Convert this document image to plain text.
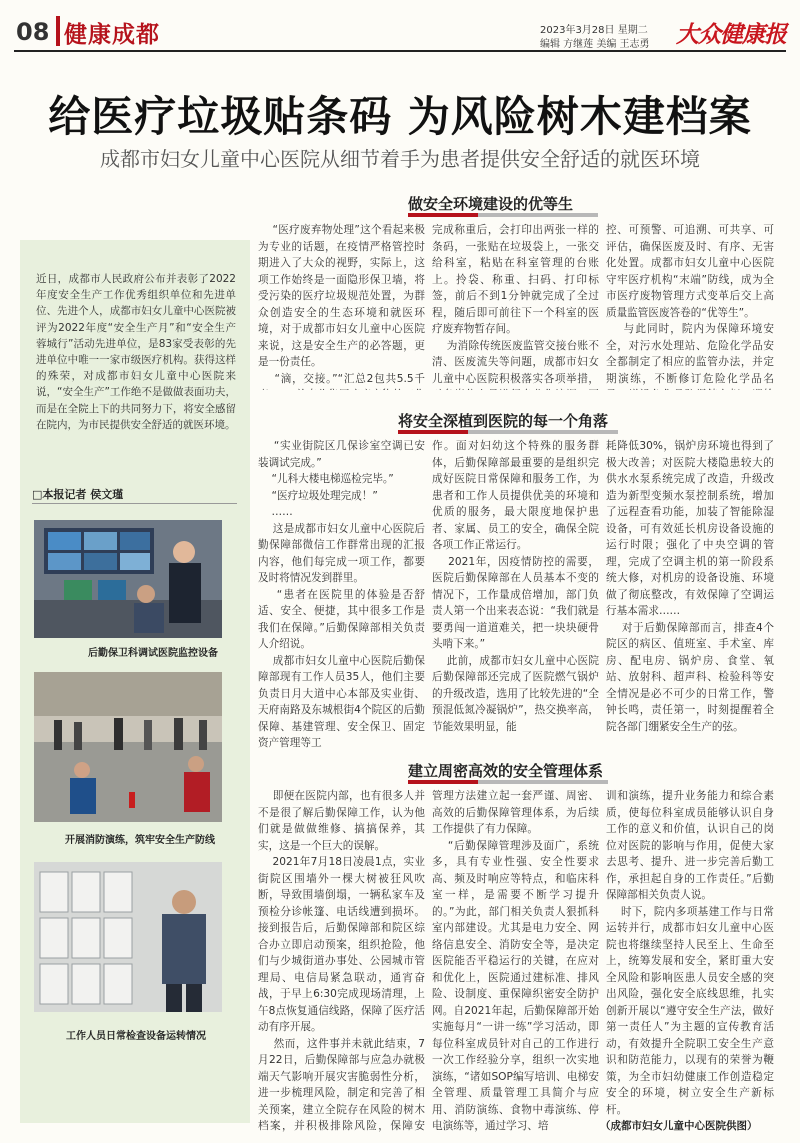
08 健康成都	2023年3月28日 星期二
编辑 方继莲 美编 王志勇 大众健康报
给医疗垃圾贴条码 为风险树木建档案
成都市妇女儿童中心医院从细节着手为患者提供安全舒适的就医环境
近日，成都市人民政府公布并表彰了2022年度安全生产工作优秀组织单位和先进单位、先进个人，成都市妇女儿童中心医院被评为2022年度“安全生产月”和“安全生产蓉城行”活动先进单位，是83家受表彰的先进单位中唯一一家市级医疗机构。获得这样的殊荣，对成都市妇女儿童中心医院来说，“安全生产”工作绝不是做做表面功夫，而是在全院上下的共同努力下，将安全感留在院内，为市民提供安全舒适的就医环境。
□本报记者 侯文瑾
后勤保卫科调试医院监控设备
开展消防演练，筑牢安全生产防线
工作人员日常检查设备运转情况
做安全环境建设的优等生
“医疗废弃物处理”这个看起来极为专业的话题，在疫情严格管控时期进入了大众的视野，实际上，这项工作始终是一面隐形保卫墙，将受污染的医疗垃圾规范处置，为群众创造安全的生态环境和就医环境，对于成都市妇女儿童中心医院来说，这是安全生产的必答题，更是一份责任。
“滴，交接。”“汇总2包共5.5千
完成称重后，会打印出两张一样的条码，一张贴在垃圾袋上，一张交给科室，粘贴在科室管理的台账上。拎袋、称重、扫码、打印标签，前后不到1分钟就完成了全过程，随后即可前往下一个科室的医疗废弃物暂存间。
为消除传统医废监管交接台账不清、医废流失等问题，成都市妇女儿童中心医院积极落实各项举措，
控、可预警、可追溯、可共享、可评估，确保医废及时、有序、无害化处置。成都市妇女儿童中心医院守牢医疗机构“末端”防线，成为全市医疗废物管理方式变革后交上高质量监管医废答卷的“优等生”。
与此同时，院内为保障环境安全，对污水处理站、危险化学品安全都制定了相应的监管办法，并定期演练，不断修订危险化学品名
将安全深植到医院的每一个角落
“实业街院区几保诊室空调已安装调试完成。”
“儿科大楼电梯巡检完毕。”
“医疗垃圾处理完成！”
……
这是成都市妇女儿童中心医院后勤保障部微信工作群常出现的汇报内容，他们每完成一项工作，都要及时将情况发到群里。
“患者在医院里的体验是否舒适、安全、便捷，其中很多工作是我们在保障。”后勤保障部相关负责人介绍说。
成都市妇女儿童中心医院后勤保障部现有工作人员35人，他们主要负责日月大道中心本部及实业街、天府南路及东城根街4个院区的后勤保障、基建管理、安全保卫、固定资产管理等工
作。面对妇幼这个特殊的服务群体，后勤保障部最重要的是组织完成好医院日常保障和服务工作，为患者和工作人员提供优美的环境和优质的服务，最大限度地保护患者、家属、员工的安全，确保全院各项工作正常运行。
2021年，因疫情防控的需要，医院后勤保障部在人员基本不变的情况下，工作量成倍增加，部门负责人第一个出来表态说：“我们就是要勇闯一道道难关，把一块块硬骨头啃下来。”
此前，成都市妇女儿童中心医院后勤保障部还完成了医院燃气锅炉的升级改造，选用了比较先进的“全预混低氮冷凝锅炉”，热交换率高，节能效果明显，能
耗降低30%，锅炉房环境也得到了极大改善；对医院大楼隐患较大的供水水泵系统完成了改造，升级改造为新型变频水泵控制系统，增加了远程查看功能，加装了智能除湿设备，可有效延长机房设备设施的运行时限；强化了中央空调的管理，完成了空调主机的第一阶段系统大修，对机房的设备设施、环境做了彻底整改，有效保障了空调运行基本需求……
对于后勤保障部而言，排查4个院区的病区、值班室、手术室、库房、配电房、锅炉房、食堂、氧站、放射科、超声科、检验科等安全情况是必不可少的日常工作，警钟长鸣，责任第一，时刻提醒着全院各部门绷紧安全生产的弦。
建立周密高效的安全管理体系
即便在医院内部，也有很多人并不是很了解后勤保障工作，认为他们就是做做维修、搞搞保养，其实，这是一个巨大的误解。
2021年7月18日凌晨1点，实业街院区围墙外一棵大树被狂风吹断，导致围墙倒塌，一辆私家车及预检分诊帐篷、电话线遭到损坏。接到报告后，后勤保障部和院区综合办立即启动预案，组织抢险，他们与少城街道办事处、公园城市管理局、电信局紧急联动，通宵奋战，于早上6:30完成现场清理，上午8点恢复通信线路，保障了医疗活动有序开展。
然而，这件事并未就此结束，7月22日，后勤保障部与应急办就极端天气影响开展灾害脆弱性分析，进一步梳理风险，制定和完善了相关预案，建立全院存在风险的树木档案，并积极排除风险，保障安
管理方法建立起一套严谨、周密、高效的后勤保障管理体系，为后续工作提供了有力保障。
“后勤保障管理涉及面广，系统多，具有专业性强、安全性要求高、频及时响应等特点，和临床科室一样，是需要不断学习提升的。”为此，部门相关负责人狠抓科室内部建设。尤其是电力安全、网络信息安全、消防安全等，是决定医院能否平稳运行的关键，在应对和优化上，医院通过建标准、排风险、设制度、重保障织密安全防护网。自2021年起，后勤保障部开始实施每月“一讲一练”学习活动，即每位科室成员针对自己的工作进行一次工作经验分享，组织一次实地演练，“诸如SOP编写培训、电梯安全管理、质量管理工具简介与应用、消防演练、食物中毒演练、停电演练等，通过学习、培
训和演练，提升业务能力和综合素质，使每位科室成员能够认识自身工作的意义和价值，认识自己的岗位对医院的影响与作用，促使大家去思考、提升、进一步完善后勤工作，承担起自身的工作责任。”后勤保障部相关负责人说。
时下，院内多项基建工作与日常运转并行，成都市妇女儿童中心医院也将继续坚持人民至上、生命至上，统筹发展和安全，紧盯重大安全风险和影响医患人员安全感的突出风险，强化安全底线思维，扎实创新开展以“遵守安全生产法，做好第一责任人”为主题的宣传教育活动，有效提升全院职工安全生产意识和防范能力，以现有的荣誉为鞭策，为全市妇幼健康工作创造稳定安全的环境，树立安全生产新标杆。
（成都市妇女儿童中心医院供图）
